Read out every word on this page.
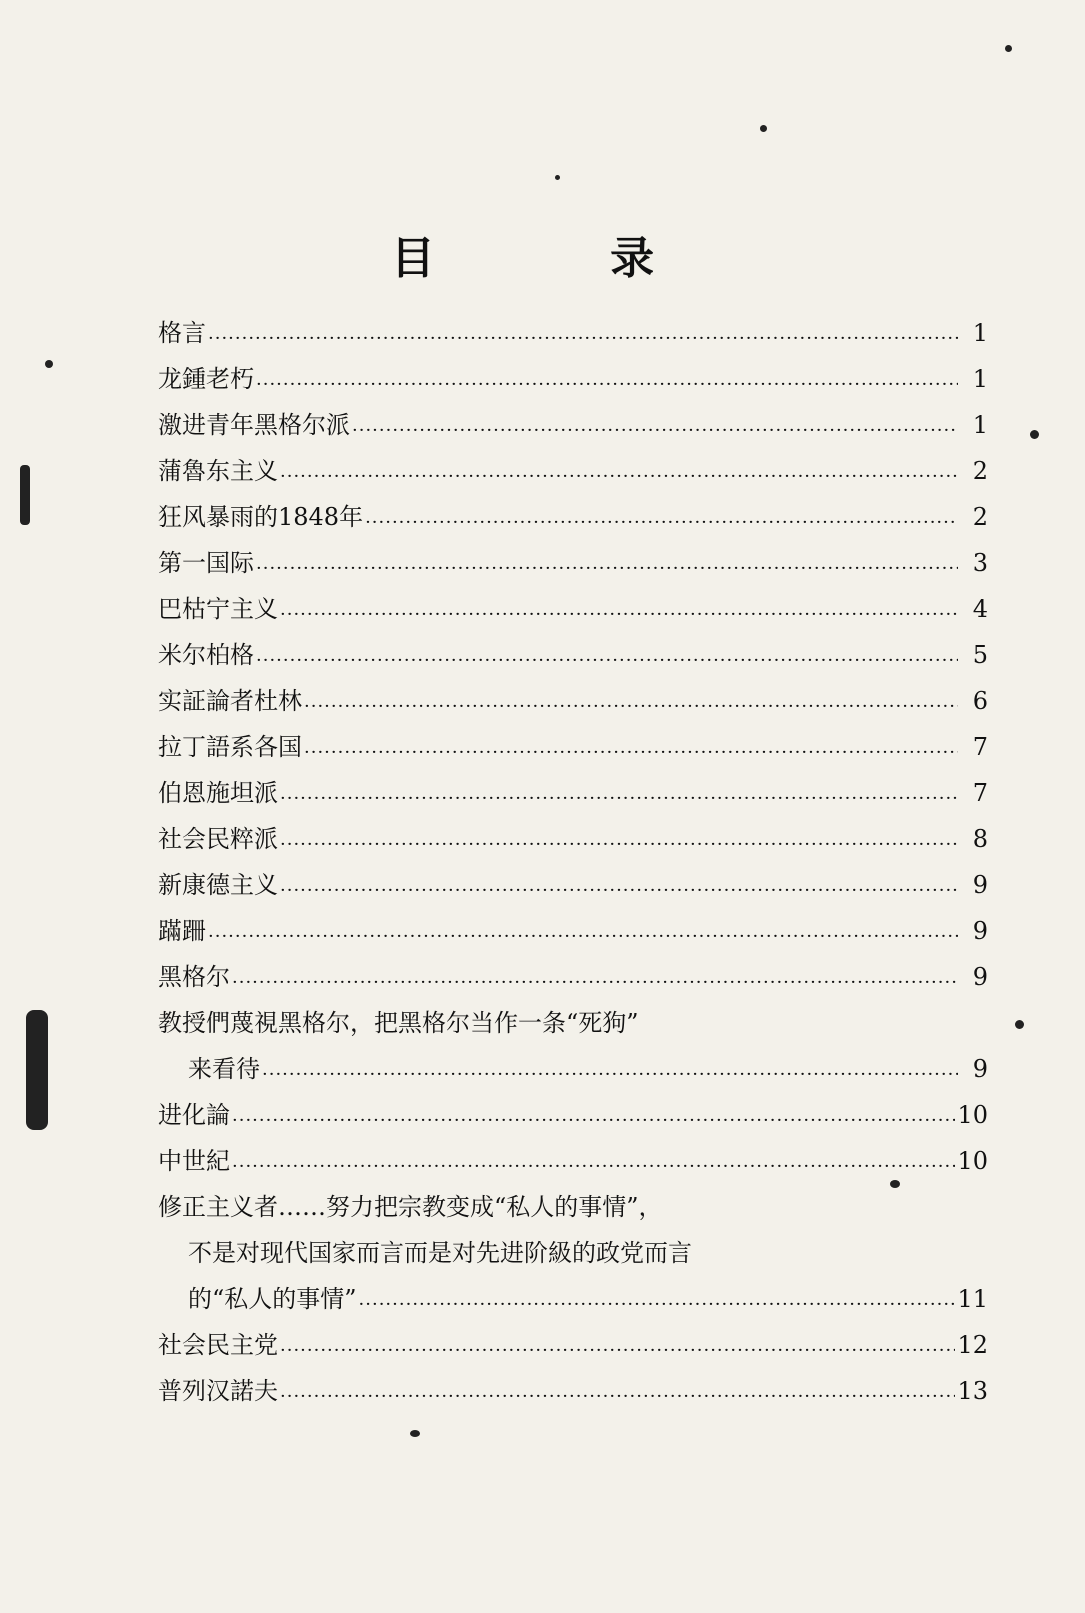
目 录
格言 ·····	1
龙鍾老朽 ·····	1
激进青年黑格尔派 ·····	1
蒲魯东主义 ·····	2
狂风暴雨的1848年 ·····	2
第一国际 ·····	3
巴枯宁主义 ·····	4
米尔柏格 ·····	5
实証論者杜林 ·····	6
拉丁語系各国 ·····	7
伯恩施坦派 ·····	7
社会民粹派 ·····	8
新康德主义 ·····	9
蹣跚 ·····	9
黑格尔 ·····	9
教授們蔑視黑格尔，把黑格尔当作一条“死狗”
来看待 ·····	9
进化論 ·····	10
中世紀 ·····	10
修正主义者……努力把宗教变成“私人的事情”，
不是对现代国家而言而是对先进阶級的政党而言
的“私人的事情” ·····	11
社会民主党 ·····	12
普列汉諾夫 ·····	13
